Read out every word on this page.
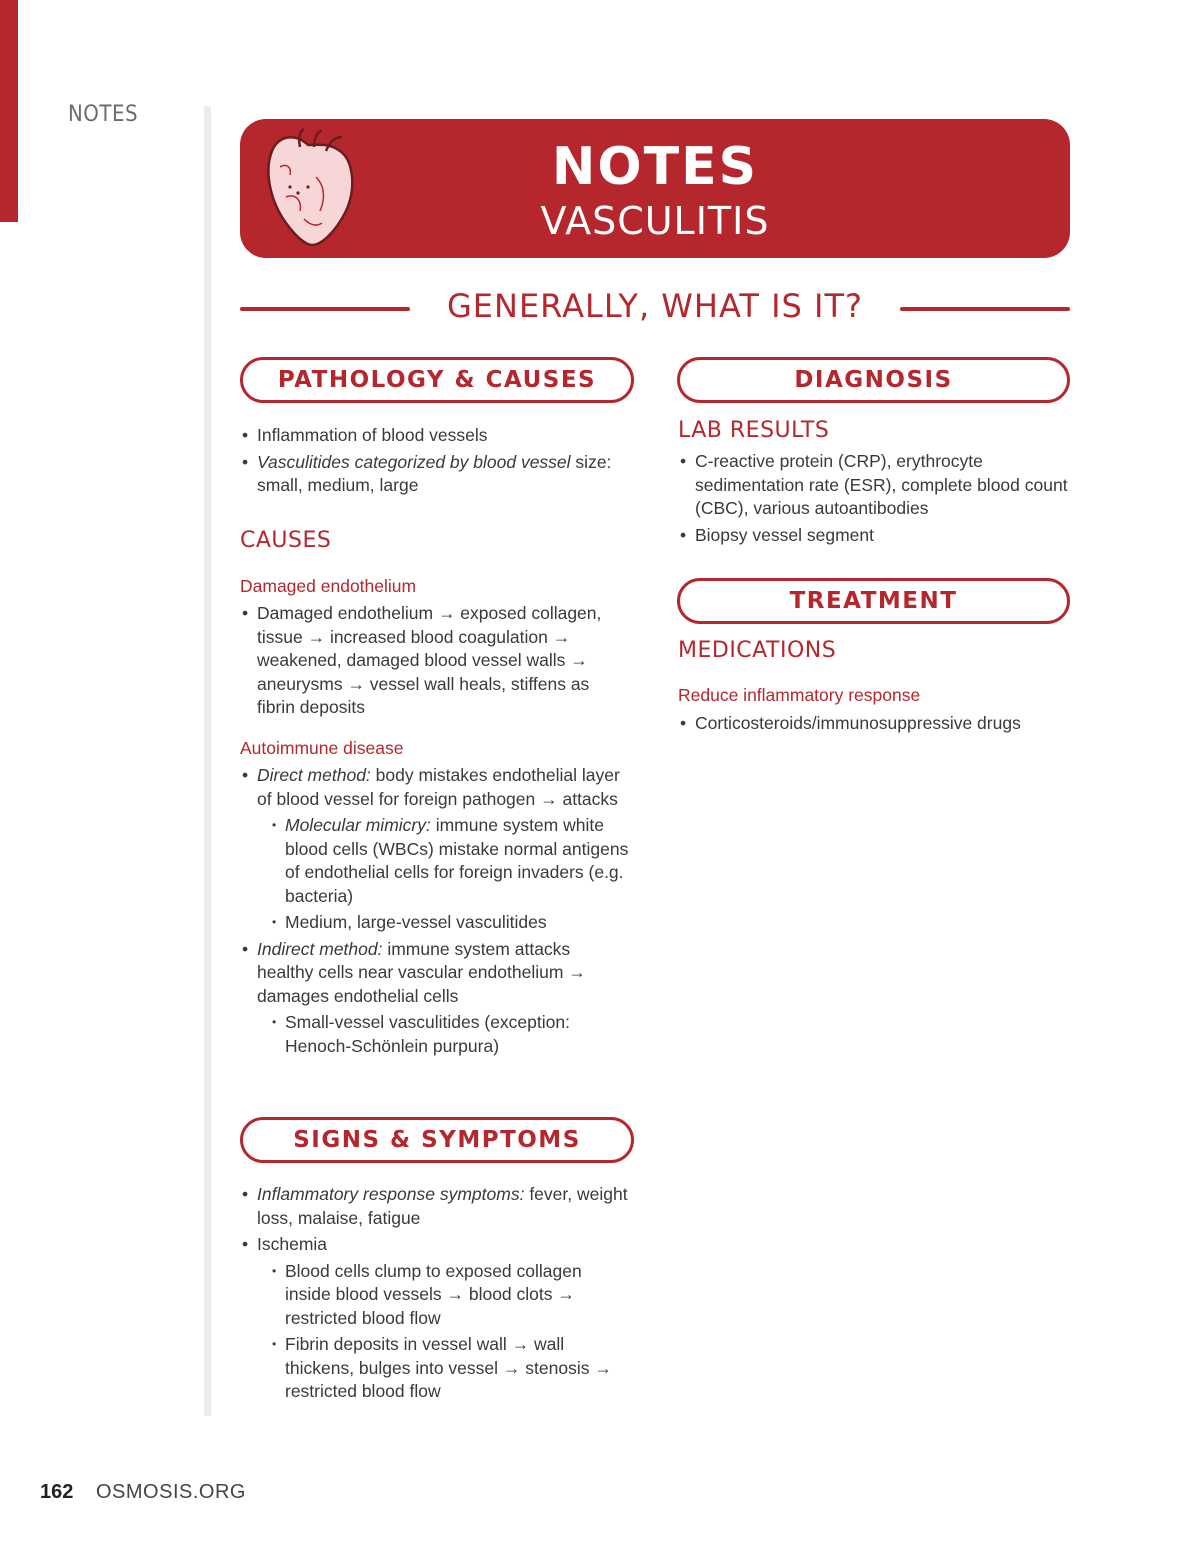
NOTES
NOTES
VASCULITIS
GENERALLY, WHAT IS IT?
PATHOLOGY & CAUSES
• Inflammation of blood vessels
• Vasculitides categorized by blood vessel size: small, medium, large
CAUSES
Damaged endothelium
• Damaged endothelium → exposed collagen, tissue → increased blood coagulation → weakened, damaged blood vessel walls → aneurysms → vessel wall heals, stiffens as fibrin deposits
Autoimmune disease
• Direct method: body mistakes endothelial layer of blood vessel for foreign pathogen → attacks
• Molecular mimicry: immune system white blood cells (WBCs) mistake normal antigens of endothelial cells for foreign invaders (e.g. bacteria)
• Medium, large-vessel vasculitides
• Indirect method: immune system attacks healthy cells near vascular endothelium → damages endothelial cells
• Small-vessel vasculitides (exception: Henoch-Schönlein purpura)
SIGNS & SYMPTOMS
• Inflammatory response symptoms: fever, weight loss, malaise, fatigue
• Ischemia
• Blood cells clump to exposed collagen inside blood vessels → blood clots → restricted blood flow
• Fibrin deposits in vessel wall → wall thickens, bulges into vessel → stenosis → restricted blood flow
DIAGNOSIS
LAB RESULTS
• C-reactive protein (CRP), erythrocyte sedimentation rate (ESR), complete blood count (CBC), various autoantibodies
• Biopsy vessel segment
TREATMENT
MEDICATIONS
Reduce inflammatory response
• Corticosteroids/immunosuppressive drugs
162 OSMOSIS.ORG
